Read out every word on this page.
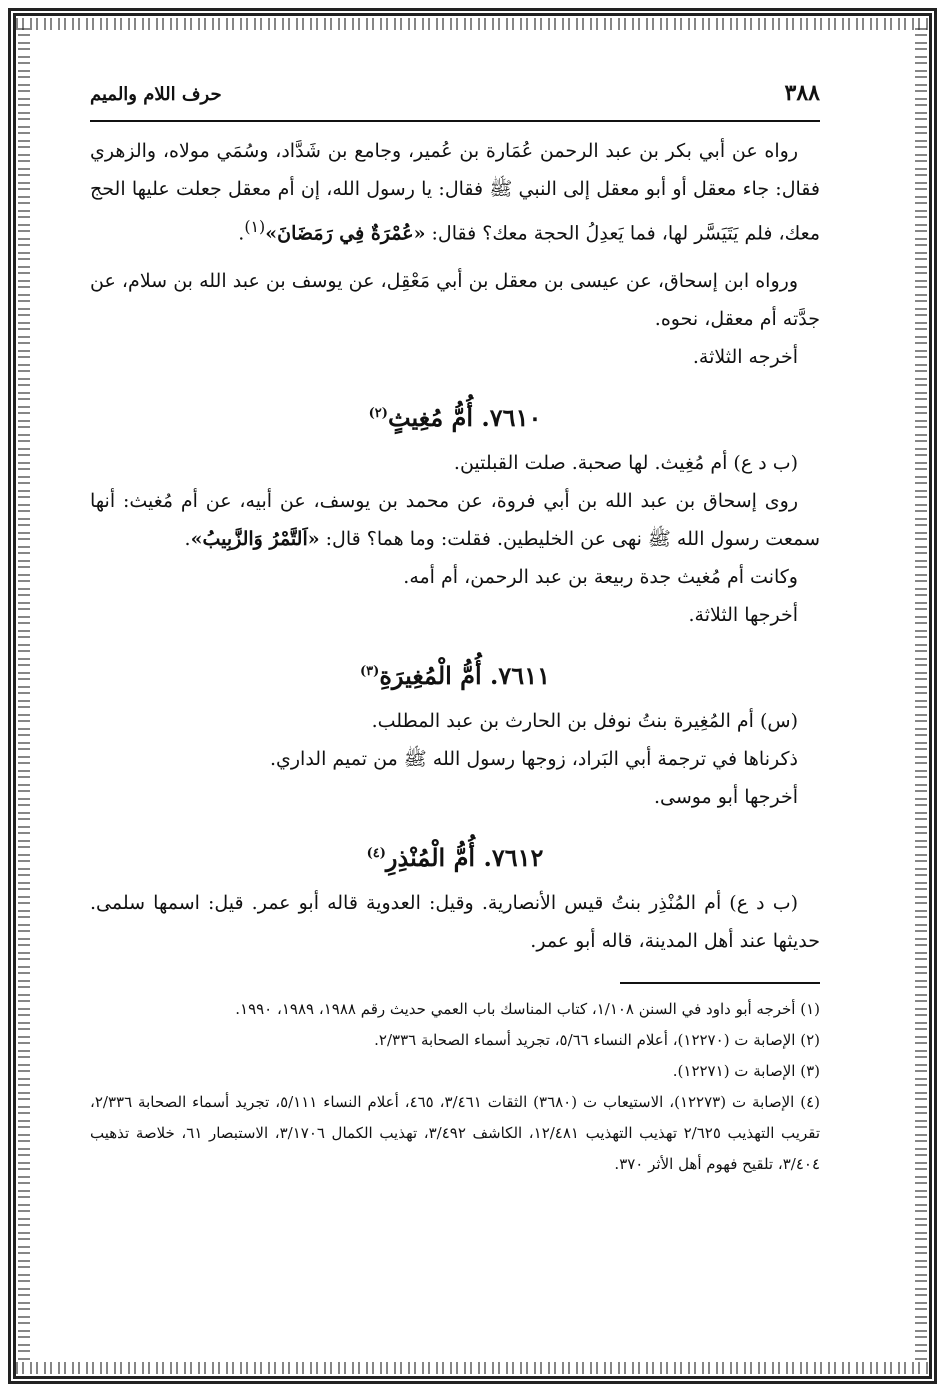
٣٨٨
حرف اللام والميم

رواه عن أبي بكر بن عبد الرحمن عُمَارة بن عُمير، وجامع بن شَدَّاد، وسُمَي مولاه، والزهري فقال: جاء معقل أو أبو معقل إلى النبي ﷺ فقال: يا رسول الله، إن أم معقل جعلت عليها الحج معك، فلم يَتَيَسَّر لها، فما يَعدِلُ الحجة معك؟ فقال: «عُمْرَةٌ فِي رَمَضَانَ»$^{(١)}$.

ورواه ابن إسحاق، عن عيسى بن معقل بن أبي مَعْقِل، عن يوسف بن عبد الله بن سلام، عن جدَّته أم معقل، نحوه.

أخرجه الثلاثة.

٧٦١٠. أُمُّ مُغِيثٍ$^{(٢)}$

(ب د ع) أم مُغِيث. لها صحبة. صلت القبلتين.

روى إسحاق بن عبد الله بن أبي فروة، عن محمد بن يوسف، عن أبيه، عن أم مُغيث: أنها سمعت رسول الله ﷺ نهى عن الخليطين. فقلت: وما هما؟ قال: «اَلتَّمْرُ وَالزَّبِيبُ».

وكانت أم مُغيث جدة ربيعة بن عبد الرحمن، أم أمه.

أخرجها الثلاثة.

٧٦١١. أُمُّ الْمُغِيرَةِ$^{(٣)}$

(س) أم المُغِيرة بنتُ نوفل بن الحارث بن عبد المطلب.

ذكرناها في ترجمة أبي البَراد، زوجها رسول الله ﷺ من تميم الداري.

أخرجها أبو موسى.

٧٦١٢. أُمُّ الْمُنْذِرِ$^{(٤)}$

(ب د ع) أم المُنْذِر بنتُ قيس الأنصارية. وقيل: العدوية قاله أبو عمر. قيل: اسمها سلمى. حديثها عند أهل المدينة، قاله أبو عمر.

(١) أخرجه أبو داود في السنن ١/١٠٨، كتاب المناسك باب العمي حديث رقم ١٩٨٨، ١٩٨٩، ١٩٩٠.

(٢) الإصابة ت (١٢٢٧٠)، أعلام النساء ٥/٦٦، تجريد أسماء الصحابة ٢/٣٣٦.

(٣) الإصابة ت (١٢٢٧١).

(٤) الإصابة ت (١٢٢٧٣)، الاستيعاب ت (٣٦٨٠) الثقات ٣/٤٦١، ٤٦٥، أعلام النساء ٥/١١١، تجريد أسماء الصحابة ٢/٣٣٦، تقريب التهذيب ٢/٦٢٥ تهذيب التهذيب ١٢/٤٨١، الكاشف ٣/٤٩٢، تهذيب الكمال ٣/١٧٠٦، الاستبصار ٦١، خلاصة تذهيب ٣/٤٠٤، تلقيح فهوم أهل الأثر ٣٧٠.
